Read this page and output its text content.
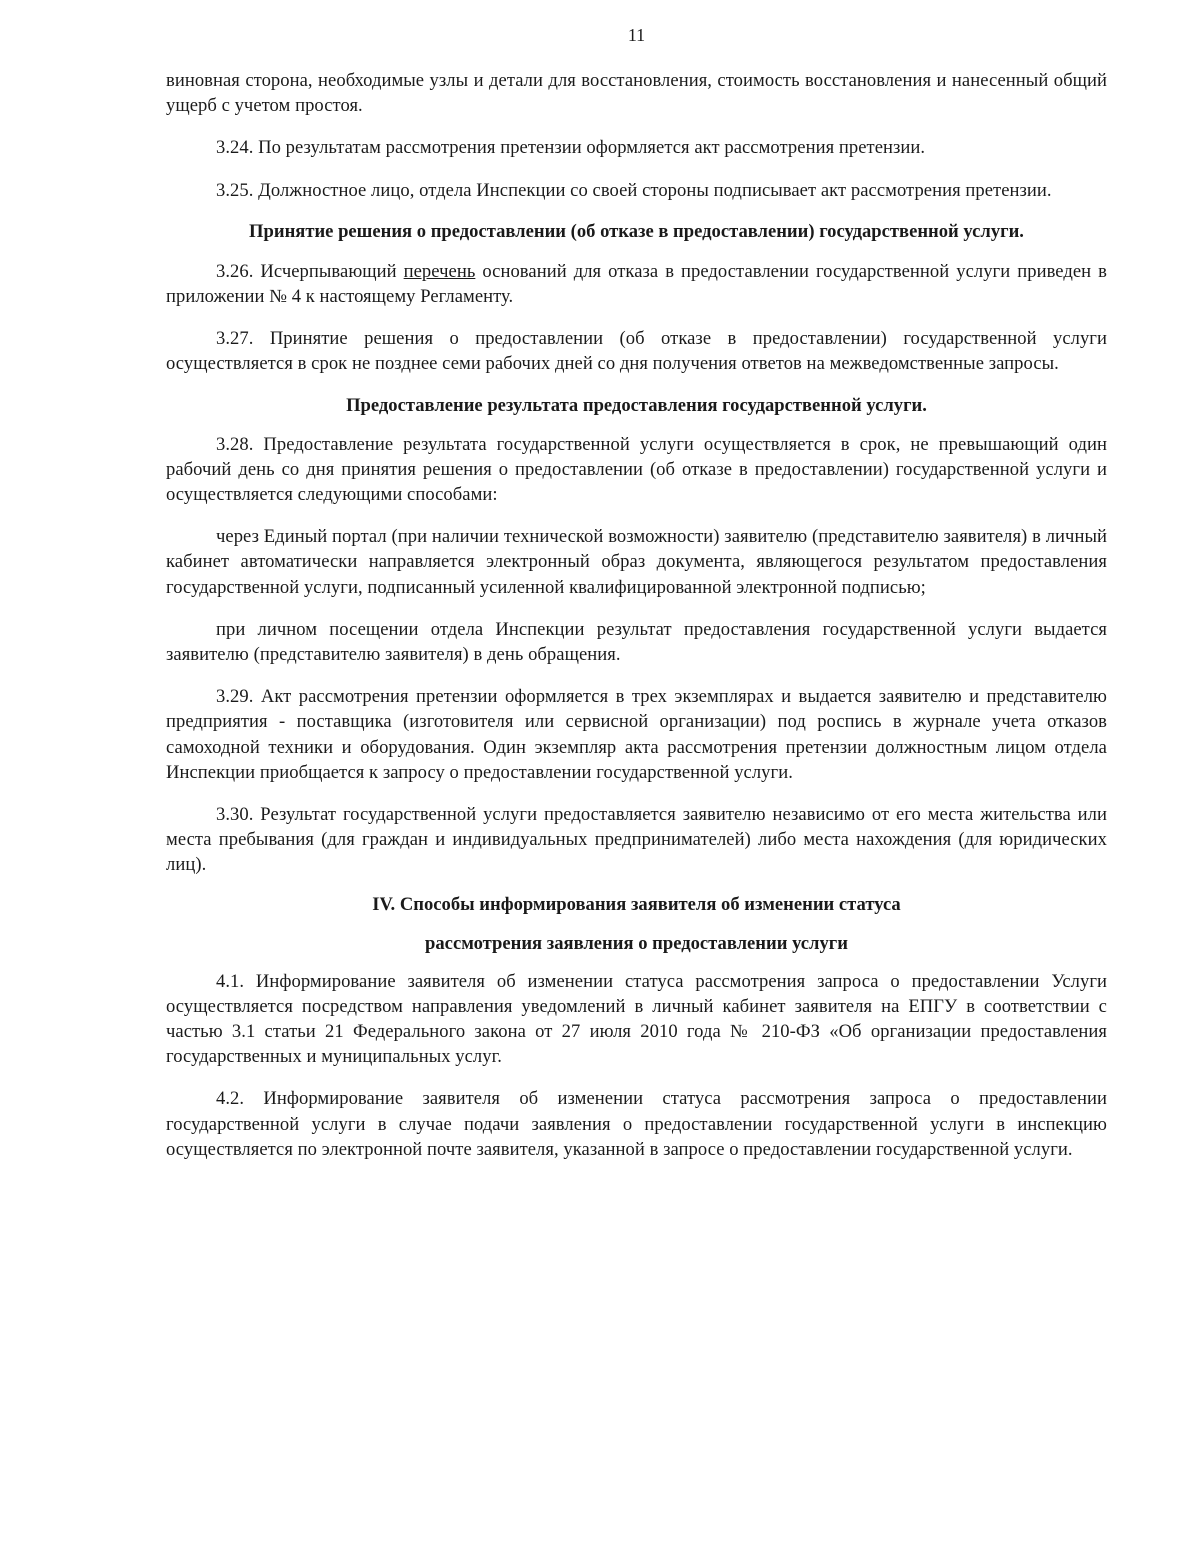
11

виновная сторона, необходимые узлы и детали для восстановления, стоимость восстановления и нанесенный общий ущерб с учетом простоя.

3.24. По результатам рассмотрения претензии оформляется акт рассмотрения претензии.

3.25. Должностное лицо, отдела Инспекции со своей стороны подписывает акт рассмотрения претензии.

Принятие решения о предоставлении (об отказе в предоставлении) государственной услуги.

3.26. Исчерпывающий перечень оснований для отказа в предоставлении государственной услуги приведен в приложении № 4 к настоящему Регламенту.

3.27. Принятие решения о предоставлении (об отказе в предоставлении) государственной услуги осуществляется в срок не позднее семи рабочих дней со дня получения ответов на межведомственные запросы.

Предоставление результата предоставления государственной услуги.

3.28. Предоставление результата государственной услуги осуществляется в срок, не превышающий один рабочий день со дня принятия решения о предоставлении (об отказе в предоставлении) государственной услуги и осуществляется следующими способами:

через Единый портал (при наличии технической возможности) заявителю (представителю заявителя) в личный кабинет автоматически направляется электронный образ документа, являющегося результатом предоставления государственной услуги, подписанный усиленной квалифицированной электронной подписью;

при личном посещении отдела Инспекции результат предоставления государственной услуги выдается заявителю (представителю заявителя) в день обращения.

3.29. Акт рассмотрения претензии оформляется в трех экземплярах и выдается заявителю и представителю предприятия - поставщика (изготовителя или сервисной организации) под роспись в журнале учета отказов самоходной техники и оборудования. Один экземпляр акта рассмотрения претензии должностным лицом отдела Инспекции приобщается к запросу о предоставлении государственной услуги.

3.30. Результат государственной услуги предоставляется заявителю независимо от его места жительства или места пребывания (для граждан и индивидуальных предпринимателей) либо места нахождения (для юридических лиц).

IV. Способы информирования заявителя об изменении статуса
рассмотрения заявления о предоставлении услуги

4.1. Информирование заявителя об изменении статуса рассмотрения запроса о предоставлении Услуги осуществляется посредством направления уведомлений в личный кабинет заявителя на ЕПГУ в соответствии с частью 3.1 статьи 21 Федерального закона от 27 июля 2010 года № 210-ФЗ «Об организации предоставления государственных и муниципальных услуг.

4.2. Информирование заявителя об изменении статуса рассмотрения запроса о предоставлении государственной услуги в случае подачи заявления о предоставлении государственной услуги в инспекцию осуществляется по электронной почте заявителя, указанной в запросе о предоставлении государственной услуги.
